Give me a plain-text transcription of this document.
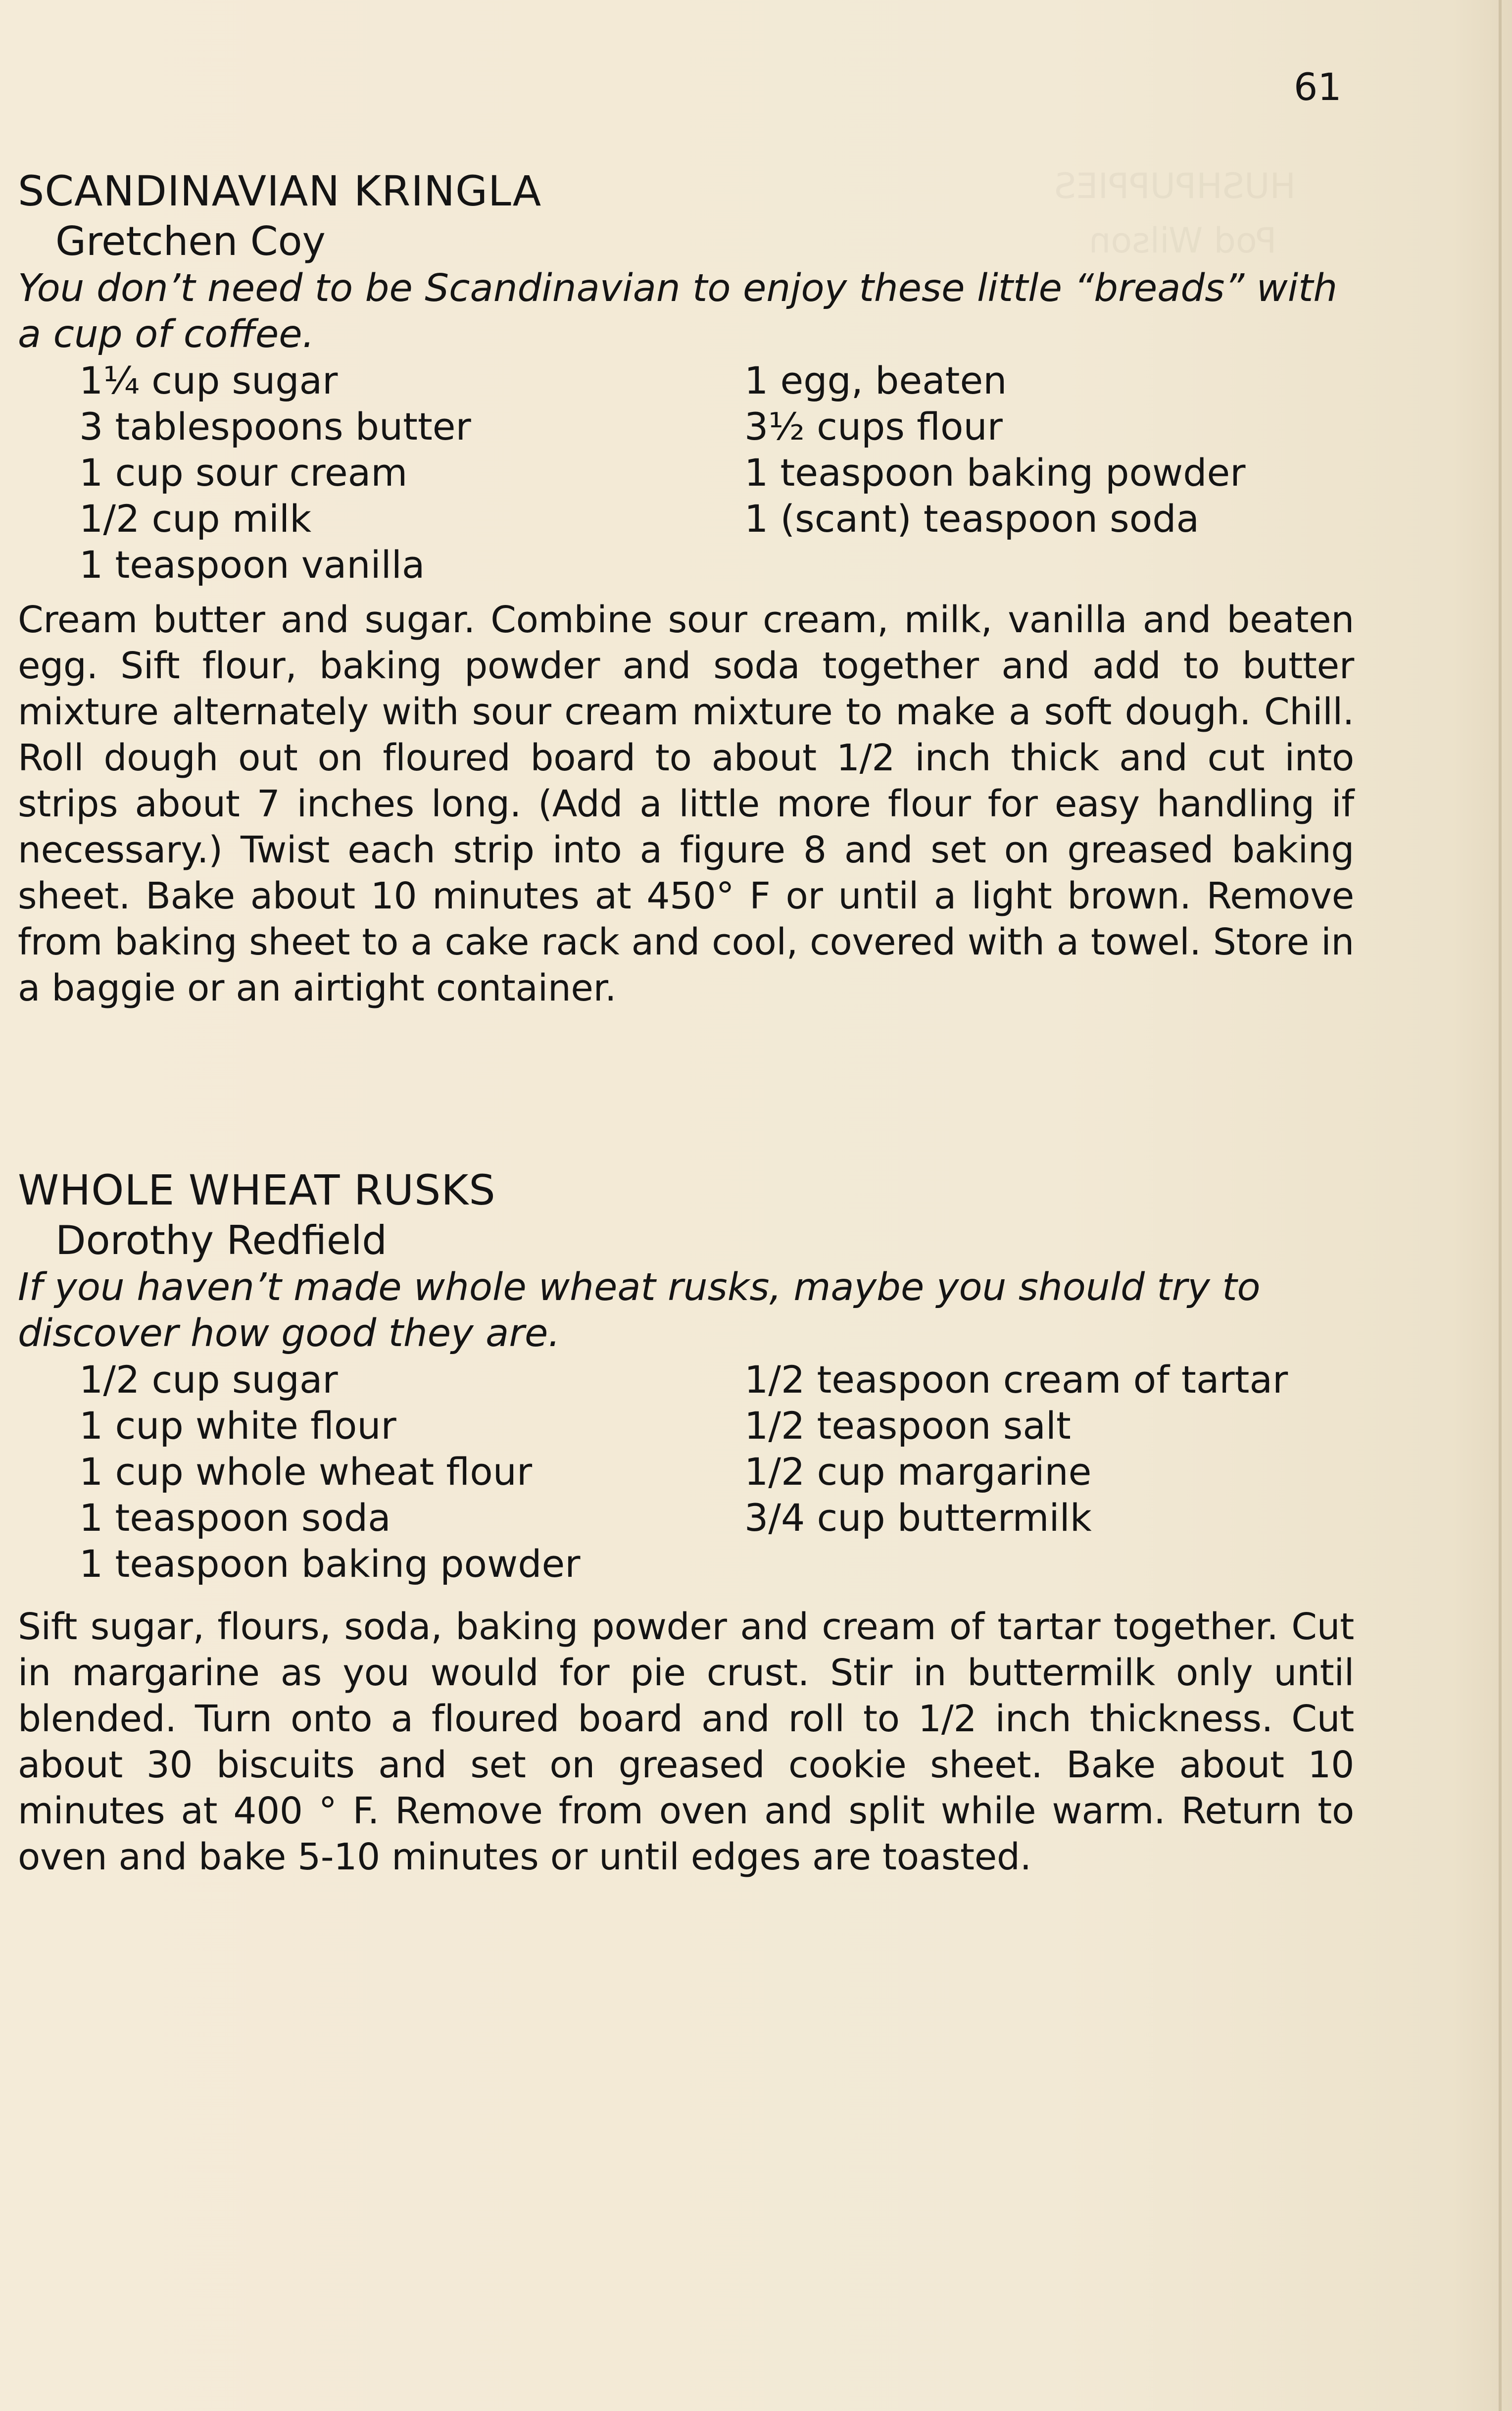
HUSHPUPPIES
Pod Wilson
61
SCANDINAVIAN KRINGLA

Gretchen Coy

You don’t need to be Scandinavian to enjoy these little “breads” with a cup of coffee.

1¼ cup sugar
3 tablespoons butter
1 cup sour cream
1/2 cup milk
1 teaspoon vanilla
1 egg, beaten
3½ cups flour
1 teaspoon baking powder
1 (scant) teaspoon soda

Cream butter and sugar. Combine sour cream, milk, vanilla and beaten egg. Sift flour, baking powder and soda together and add to butter mixture alternately with sour cream mixture to make a soft dough. Chill. Roll dough out on floured board to about 1/2 inch thick and cut into strips about 7 inches long. (Add a little more flour for easy handling if necessary.) Twist each strip into a figure 8 and set on greased baking sheet. Bake about 10 minutes at 450° F or until a light brown. Remove from baking sheet to a cake rack and cool, covered with a towel. Store in a baggie or an airtight container.

WHOLE WHEAT RUSKS

Dorothy Redfield

If you haven’t made whole wheat rusks, maybe you should try to discover how good they are.

1/2 cup sugar
1 cup white flour
1 cup whole wheat flour
1 teaspoon soda
1 teaspoon baking powder
1/2 teaspoon cream of tartar
1/2 teaspoon salt
1/2 cup margarine
3/4 cup buttermilk

Sift sugar, flours, soda, baking powder and cream of tartar together. Cut in margarine as you would for pie crust. Stir in buttermilk only until blended. Turn onto a floured board and roll to 1/2 inch thickness. Cut about 30 biscuits and set on greased cookie sheet. Bake about 10 minutes at 400 ° F. Remove from oven and split while warm. Return to oven and bake 5-10 minutes or until edges are toasted.
